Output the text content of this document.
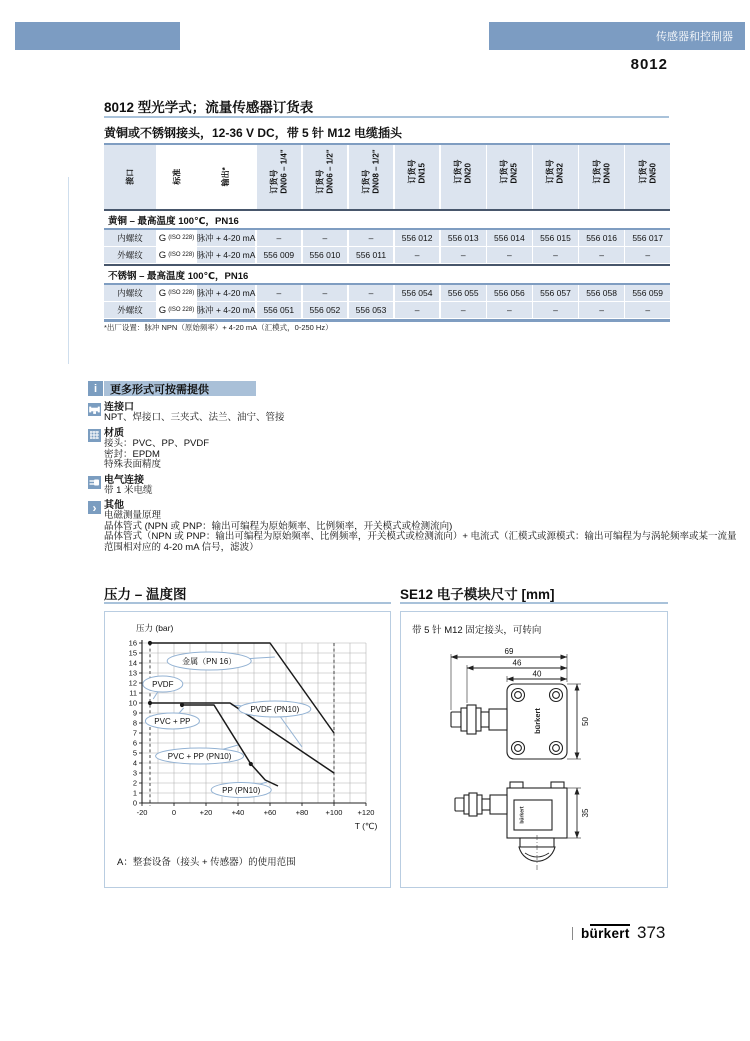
传感器和控制器
8012
8012 型光学式；流量传感器订货表
黄铜或不锈钢接头，12-36 V DC，带 5 针 M12 电缆插头
接口	标准	输出*	订货号 DN06 – 1/4"	订货号 DN06 – 1/2"	订货号 DN08 – 1/2"	订货号 DN15	订货号 DN20	订货号 DN25	订货号 DN32	订货号 DN40	订货号 DN50
黄铜 – 最高温度 100℃，PN16
内螺纹	G (ISO 228) 脉冲 + 4-20 mA	–	–	–	556 012	556 013	556 014	556 015	556 016	556 017
外螺纹	G (ISO 228) 脉冲 + 4-20 mA 556 009	556 010	556 011	–	–	–	–	–	–
不锈钢 – 最高温度 100℃，PN16
内螺纹	G (ISO 228) 脉冲 + 4-20 mA	–	–	–	556 054	556 055	556 056	556 057	556 058	556 059
外螺纹	G (ISO 228) 脉冲 + 4-20 mA 556 051	556 052	556 053	–	–	–	–	–	–
*出厂设置：脉冲 NPN（原始频率）+ 4-20 mA（汇模式，0-250 Hz）
i	更多形式可按需提供
连接口
NPT、焊接口、三夹式、法兰、油宁、管接
材质
接头：PVC、PP、PVDF
密封：EPDM
特殊表面精度
电气连接
带 1 米电缆
› 其他
电磁测量原理
晶体管式 (NPN 或 PNP：输出可编程为原始频率、比例频率，开关模式或检测流向)
晶体管式（NPN 或 PNP：输出可编程为原始频率、比例频率，开关模式或检测流向）+ 电流式（汇模式或源模式：输出可编程为与涡轮频率或某一流量范围相对应的 4-20 mA 信号，滤波）
压力 – 温度图	SE12 电子模块尺寸 [mm]
0
1
2
3
4
5
6
7
8
9
10
11
12
13
14
15
16
-20	0	+20	+40	+60	+80 +100 +120
金属（PN 16）
PVDF
PVC + PP
PVDF (PN10)
PVC + PP (PN10)
PP (PN10)
压力 (bar)
T (℃)
A：整套设备（接头 + 传感器）的使用范围
带 5 针 M12 固定接头，可转向
bürkert
69
46
40
50
bürkert	35
bürkert 373
